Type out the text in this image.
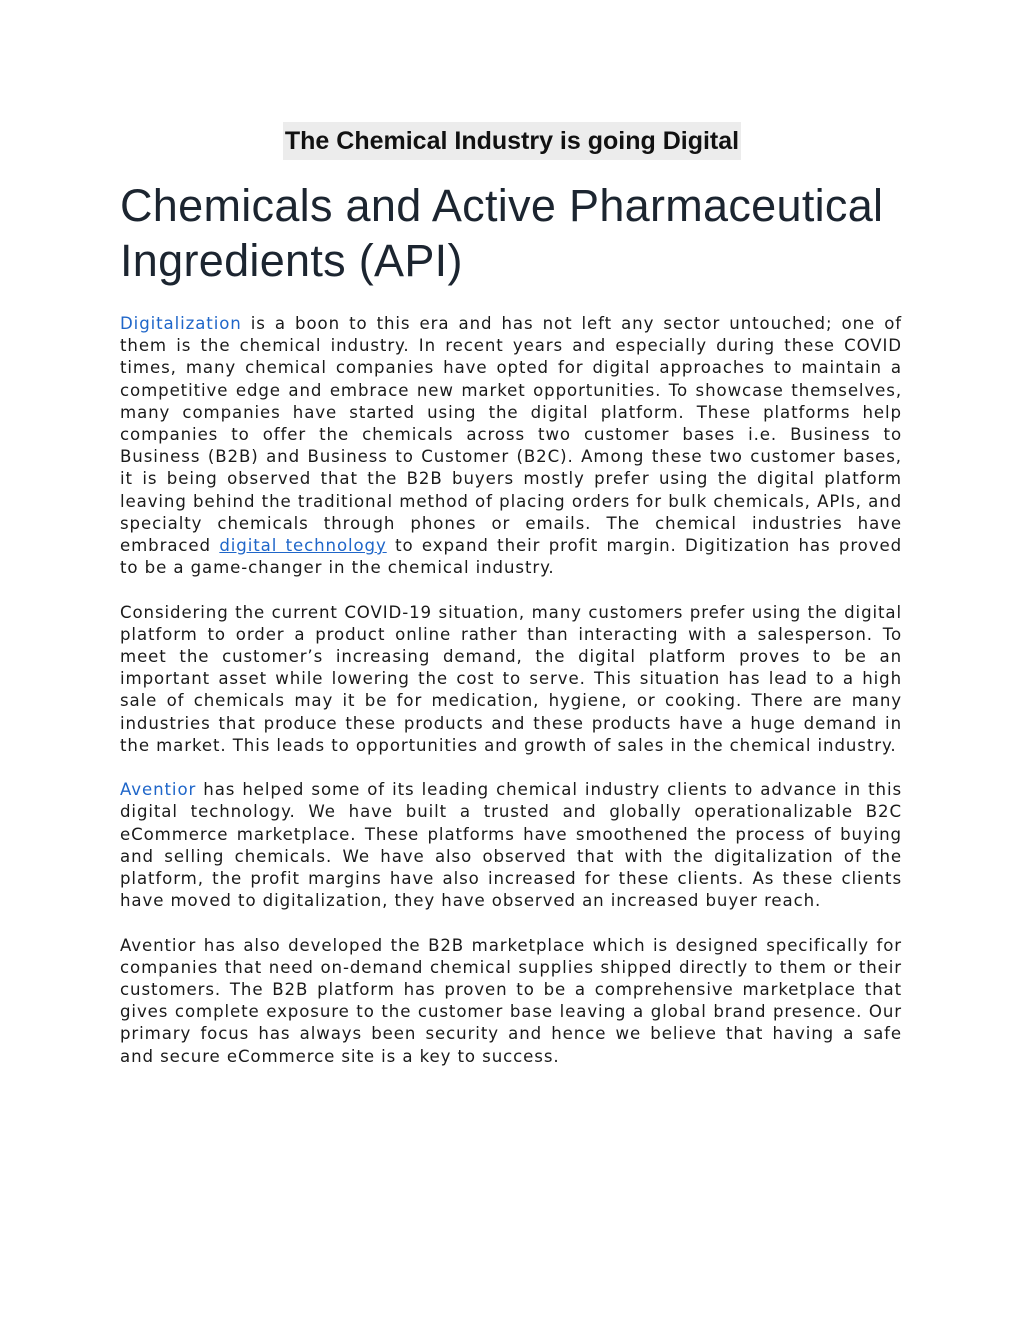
The Chemical Industry is going Digital
Chemicals and Active Pharmaceutical Ingredients (API)

Digitalization is a boon to this era and has not left any sector untouched; one of them is the chemical industry. In recent years and especially during these COVID times, many chemical companies have opted for digital approaches to maintain a competitive edge and embrace new market opportunities. To showcase themselves, many companies have started using the digital platform. These platforms help companies to offer the chemicals across two customer bases i.e. Business to Business (B2B) and Business to Customer (B2C). Among these two customer bases, it is being observed that the B2B buyers mostly prefer using the digital platform leaving behind the traditional method of placing orders for bulk chemicals, APIs, and specialty chemicals through phones or emails. The chemical industries have embraced digital technology to expand their profit margin. Digitization has proved to be a game-changer in the chemical industry.

Considering the current COVID-19 situation, many customers prefer using the digital platform to order a product online rather than interacting with a salesperson. To meet the customer’s increasing demand, the digital platform proves to be an important asset while lowering the cost to serve. This situation has lead to a high sale of chemicals may it be for medication, hygiene, or cooking. There are many industries that produce these products and these products have a huge demand in the market. This leads to opportunities and growth of sales in the chemical industry.

Aventior has helped some of its leading chemical industry clients to advance in this digital technology. We have built a trusted and globally operationalizable B2C eCommerce marketplace. These platforms have smoothened the process of buying and selling chemicals. We have also observed that with the digitalization of the platform, the profit margins have also increased for these clients. As these clients have moved to digitalization, they have observed an increased buyer reach.

Aventior has also developed the B2B marketplace which is designed specifically for companies that need on-demand chemical supplies shipped directly to them or their customers. The B2B platform has proven to be a comprehensive marketplace that gives complete exposure to the customer base leaving a global brand presence. Our primary focus has always been security and hence we believe that having a safe and secure eCommerce site is a key to success.
